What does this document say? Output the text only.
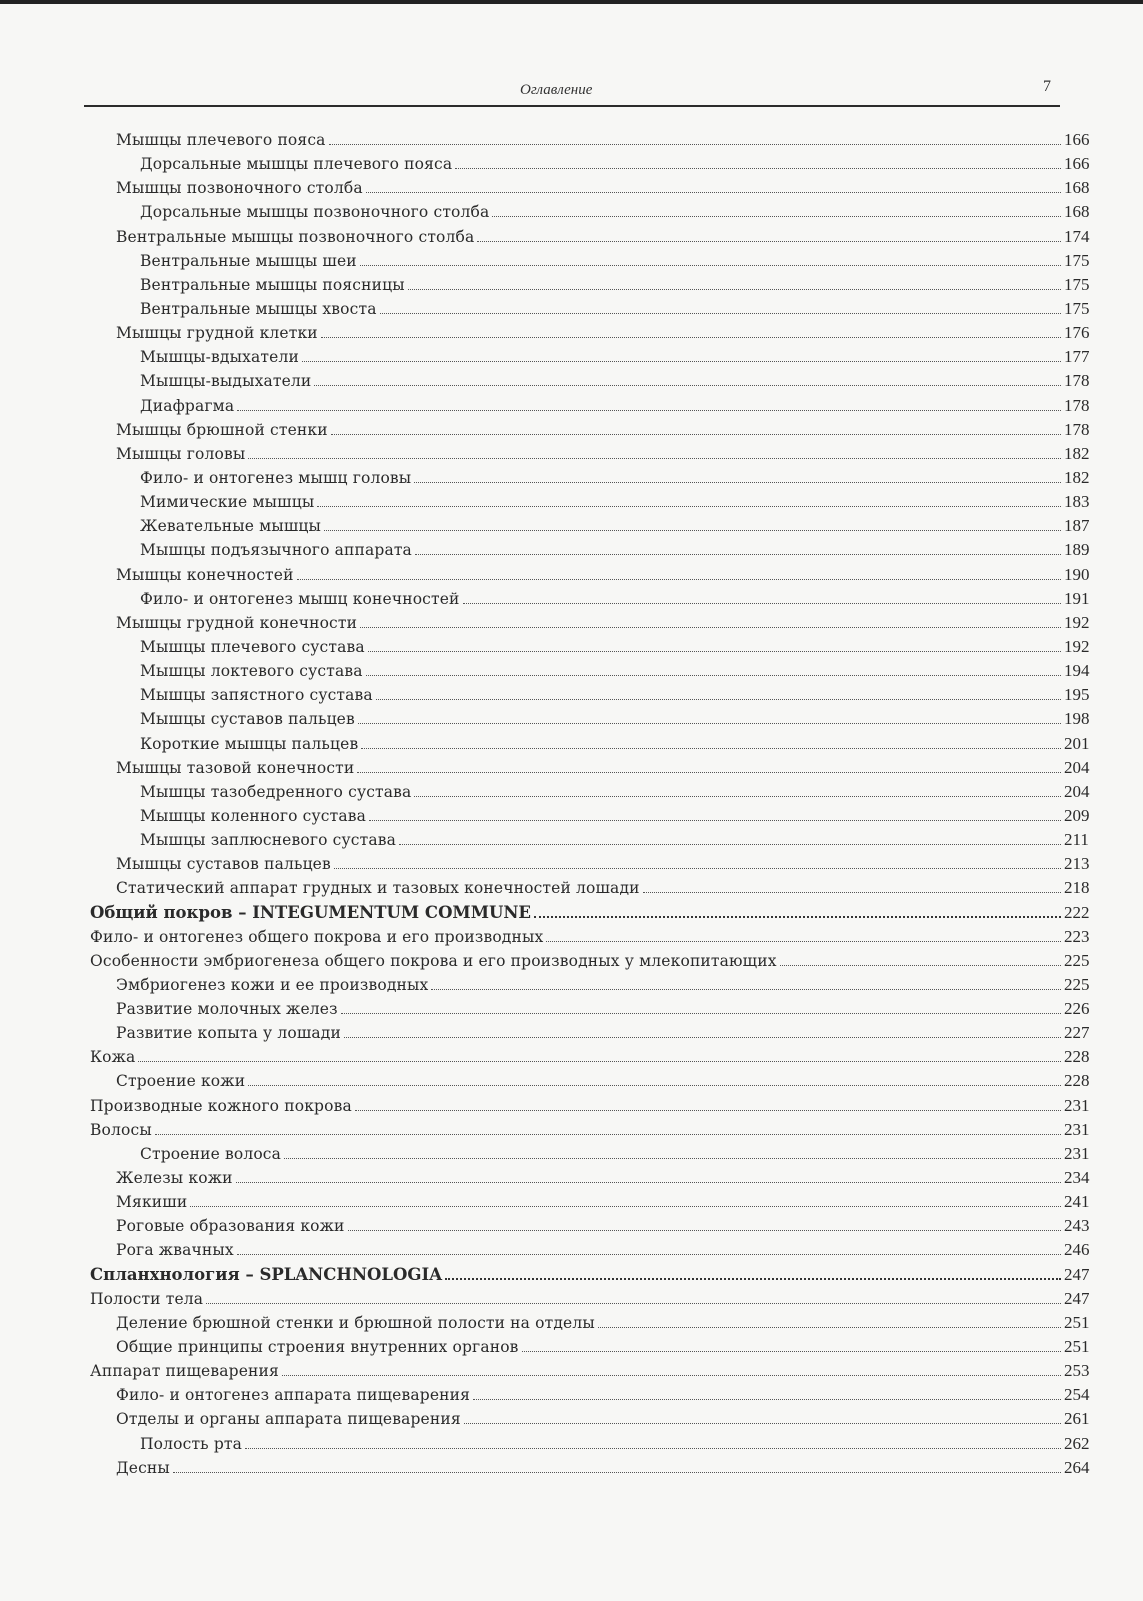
Оглавление	7
Мышцы плечевого пояса	166
Дорсальные мышцы плечевого пояса	166
Мышцы позвоночного столба	168
Дорсальные мышцы позвоночного столба	168
Вентральные мышцы позвоночного столба	174
Вентральные мышцы шеи	175
Вентральные мышцы поясницы	175
Вентральные мышцы хвоста	175
Мышцы грудной клетки	176
Мышцы-вдыхатели	177
Мышцы-выдыхатели	178
Диафрагма	178
Мышцы брюшной стенки	178
Мышцы головы	182
Фило- и онтогенез мышц головы	182
Мимические мышцы	183
Жевательные мышцы	187
Мышцы подъязычного аппарата	189
Мышцы конечностей	190
Фило- и онтогенез мышц конечностей	191
Мышцы грудной конечности	192
Мышцы плечевого сустава	192
Мышцы локтевого сустава	194
Мышцы запястного сустава	195
Мышцы суставов пальцев	198
Короткие мышцы пальцев	201
Мышцы тазовой конечности	204
Мышцы тазобедренного сустава	204
Мышцы коленного сустава	209
Мышцы заплюсневого сустава	211
Мышцы суставов пальцев	213
Статический аппарат грудных и тазовых конечностей лошади	218
Общий покров – INTEGUMENTUM COMMUNE	222
Фило- и онтогенез общего покрова и его производных	223
Особенности эмбриогенеза общего покрова и его производных у млекопитающих	225
Эмбриогенез кожи и ее производных	225
Развитие молочных желез	226
Развитие копыта у лошади	227
Кожа	228
Строение кожи	228
Производные кожного покрова	231
Волосы	231
Строение волоса	231
Железы кожи	234
Мякиши	241
Роговые образования кожи	243
Рога жвачных	246
Спланхнология – SPLANCHNOLOGIA	247
Полости тела	247
Деление брюшной стенки и брюшной полости на отделы	251
Общие принципы строения внутренних органов	251
Аппарат пищеварения	253
Фило- и онтогенез аппарата пищеварения	254
Отделы и органы аппарата пищеварения	261
Полость рта	262
Десны	264
